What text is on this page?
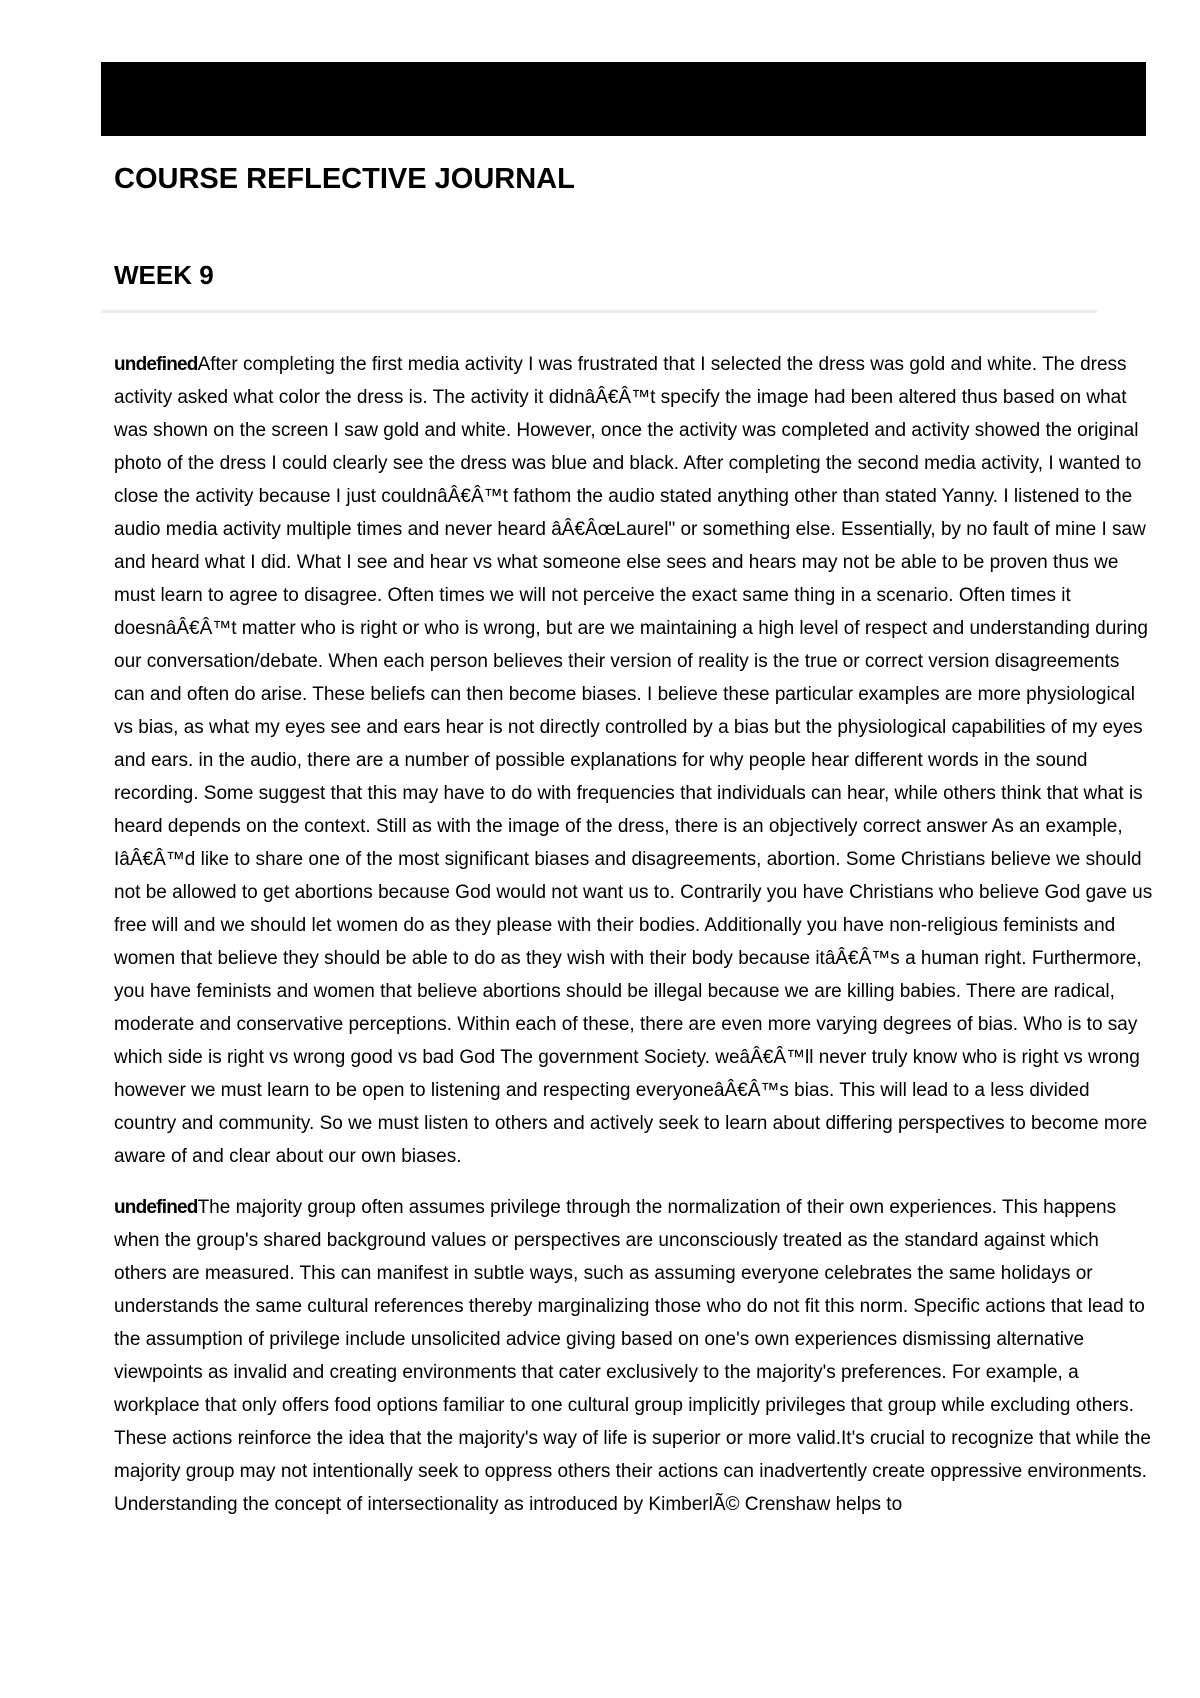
COURSE REFLECTIVE JOURNAL
WEEK 9

undefinedAfter completing the first media activity I was frustrated that I selected the dress was gold and white. The dress activity asked what color the dress is. The activity it didnâÂ€Â™t specify the image had been altered thus based on what was shown on the screen I saw gold and white. However, once the activity was completed and activity showed the original photo of the dress I could clearly see the dress was blue and black. After completing the second media activity, I wanted to close the activity because I just couldnâÂ€Â™t fathom the audio stated anything other than stated Yanny. I listened to the audio media activity multiple times and never heard âÂ€ÂœLaurel" or something else. Essentially, by no fault of mine I saw and heard what I did. What I see and hear vs what someone else sees and hears may not be able to be proven thus we must learn to agree to disagree. Often times we will not perceive the exact same thing in a scenario. Often times it doesnâÂ€Â™t matter who is right or who is wrong, but are we maintaining a high level of respect and understanding during our conversation/debate. When each person believes their version of reality is the true or correct version disagreements can and often do arise. These beliefs can then become biases. I believe these particular examples are more physiological vs bias, as what my eyes see and ears hear is not directly controlled by a bias but the physiological capabilities of my eyes and ears. in the audio, there are a number of possible explanations for why people hear different words in the sound recording. Some suggest that this may have to do with frequencies that individuals can hear, while others think that what is heard depends on the context. Still as with the image of the dress, there is an objectively correct answer As an example, IâÂ€Â™d like to share one of the most significant biases and disagreements, abortion. Some Christians believe we should not be allowed to get abortions because God would not want us to. Contrarily you have Christians who believe God gave us free will and we should let women do as they please with their bodies. Additionally you have non-religious feminists and women that believe they should be able to do as they wish with their body because itâÂ€Â™s a human right. Furthermore, you have feminists and women that believe abortions should be illegal because we are killing babies. There are radical, moderate and conservative perceptions. Within each of these, there are even more varying degrees of bias. Who is to say which side is right vs wrong good vs bad God The government Society. weâÂ€Â™ll never truly know who is right vs wrong however we must learn to be open to listening and respecting everyoneâÂ€Â™s bias. This will lead to a less divided country and community. So we must listen to others and actively seek to learn about differing perspectives to become more aware of and clear about our own biases.

undefinedThe majority group often assumes privilege through the normalization of their own experiences. This happens when the group's shared background values or perspectives are unconsciously treated as the standard against which others are measured. This can manifest in subtle ways, such as assuming everyone celebrates the same holidays or understands the same cultural references thereby marginalizing those who do not fit this norm. Specific actions that lead to the assumption of privilege include unsolicited advice giving based on one's own experiences dismissing alternative viewpoints as invalid and creating environments that cater exclusively to the majority's preferences. For example, a workplace that only offers food options familiar to one cultural group implicitly privileges that group while excluding others. These actions reinforce the idea that the majority's way of life is superior or more valid.It's crucial to recognize that while the majority group may not intentionally seek to oppress others their actions can inadvertently create oppressive environments. Understanding the concept of intersectionality as introduced by KimberlÃ© Crenshaw helps to
